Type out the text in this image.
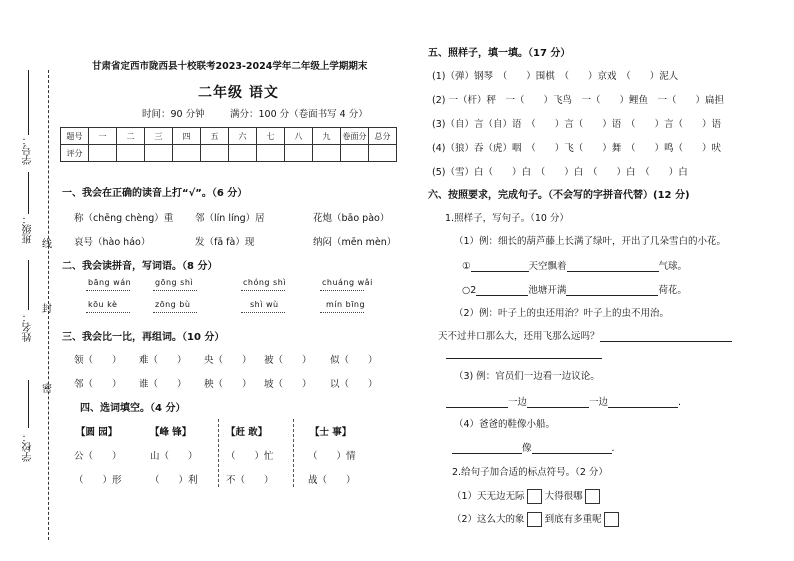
线
封
密
学号：
班级：
姓名：
学校：
甘肃省定西市陇西县十校联考2023-2024学年二年级上学期期末
二年级 语文
时间：90 分钟	满分：100 分（卷面书写 4 分）
题号	一	二	三	四	五	六	七	八	九	卷面分	总分
评分											
一、我会在正确的读音上打“√”。（6 分）
称（chēng chèng）重 邻（lín líng）居	花炮（bāo pào）
哀号（hào háo）	发（fā fà）现	纳闷（mēn mèn）
二、我会读拼音，写词语。（8 分）
bāng wán	gōng shì	chóng shì	chuáng wǎi
kōu kè	zōng bù	shì wù	mín bīng
三、我会比一比，再组词。（10 分）
领（　　） 难（　　） 央（　　） 被（　　） 似（　　）
邻（　　） 谁（　　） 秧（　　） 坡（　　） 以（　　）
四、选词填空。（4 分）
【圆 园】	【峰 锋】	【赶 敢】	【士 事】
公（　　）	山（　　）	（　　）忙	（　　）情
（　　）形	（　　）利	不（　　）	战（　　）
五、照样子，填一填。（17 分）
(1)（弹）钢琴　（　　）围棋　（　　）京戏　（　　）泥人
(2) 一（杆）秤　一（　　）飞鸟　一（　　）鲤鱼　一（　　）扁担
(3)（自）言（自）语　（　　）言（　　）语　（　　）言（　　）语
(4)（狼）吞（虎）咽　（　　）飞（　　）舞　（　　）鸣（　　）吠
(5)（雪）白（　　）白　（　　）白　（　　）白　（　　）白
六、按照要求，完成句子。（不会写的字拼音代替）(12 分)
1.照样子，写句子。（10 分）
（1）例：细长的葫芦藤上长满了绿叶，开出了几朵雪白的小花。
①	天空飘着	气球。
○2	池塘开满	荷花。
（2）例：叶子上的虫还用治？叶子上的虫不用治。
天不过井口那么大，还用飞那么远吗？
（3) 例：官员们一边看一边议论。
一边	一边	.
（4）爸爸的鞋像小船。
像	.
2.给句子加合适的标点符号。（2 分）
（1）天无边无际 大得很哪
（2）这么大的象 到底有多重呢
